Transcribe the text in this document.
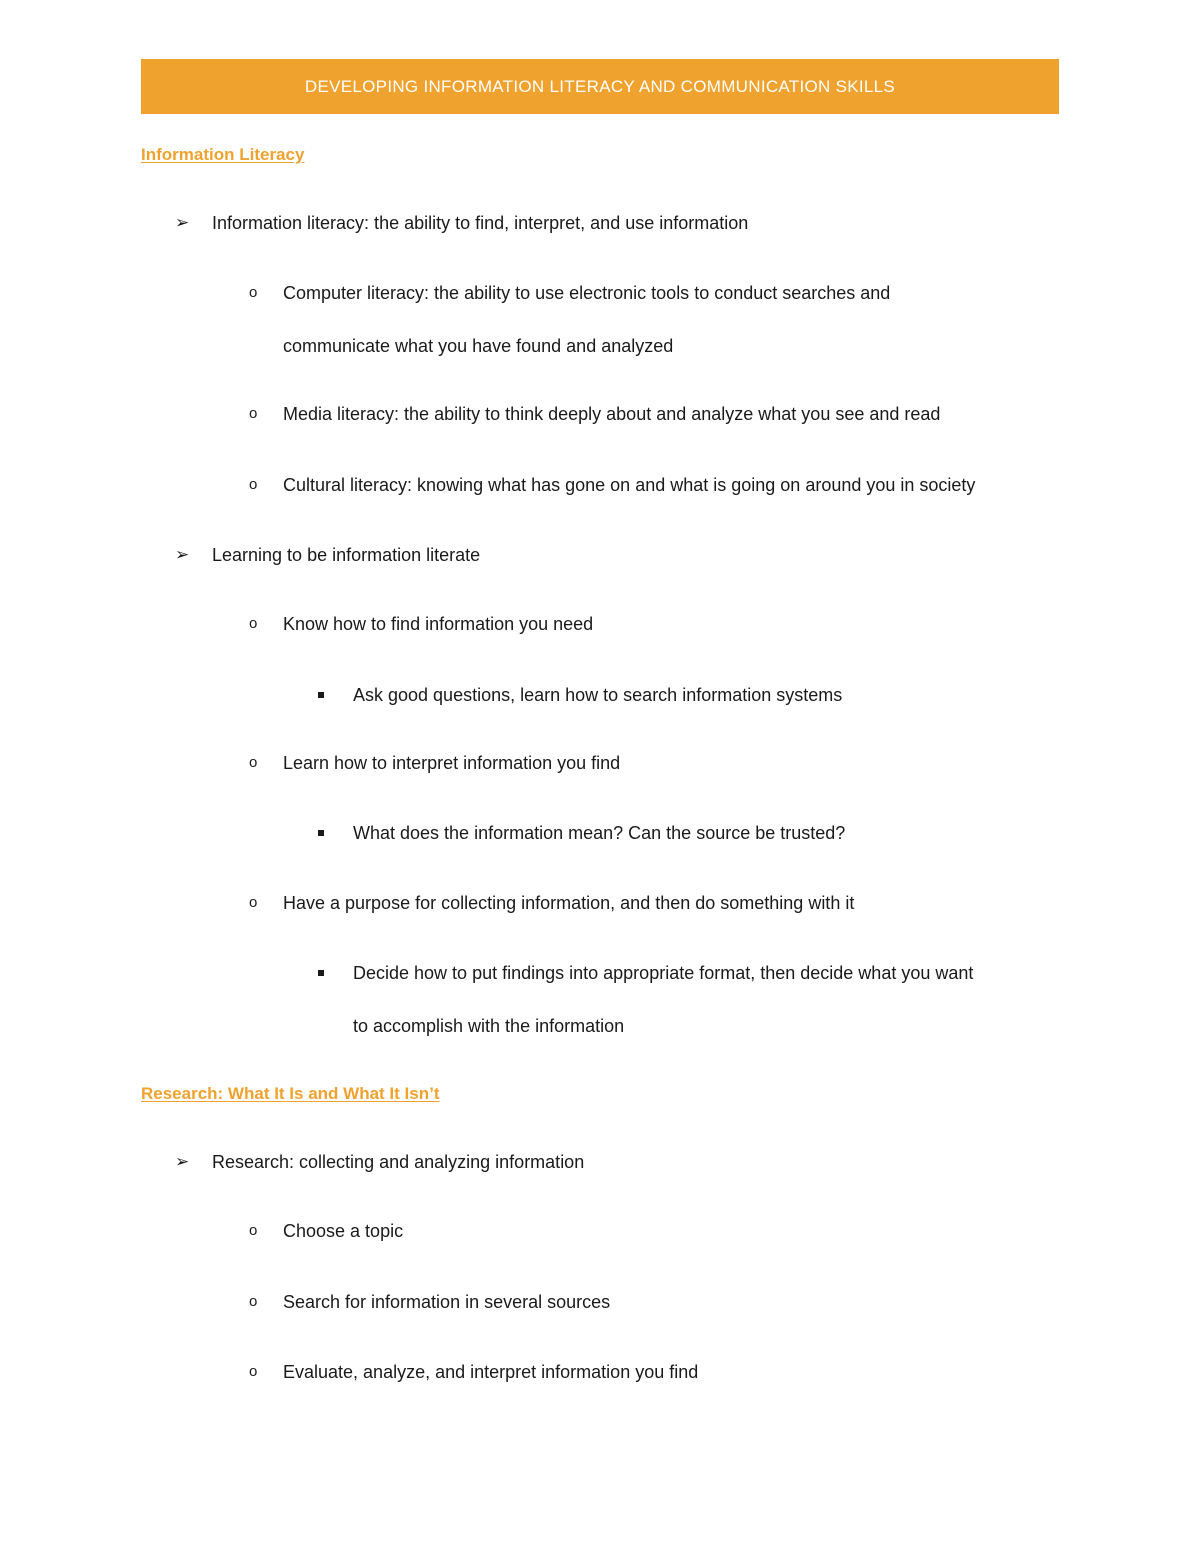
DEVELOPING INFORMATION LITERACY AND COMMUNICATION SKILLS
Information Literacy
➢ Information literacy: the ability to find, interpret, and use information
o Computer literacy: the ability to use electronic tools to conduct searches and
communicate what you have found and analyzed
o Media literacy: the ability to think deeply about and analyze what you see and read
o Cultural literacy: knowing what has gone on and what is going on around you in society
➢ Learning to be information literate
o Know how to find information you need
Ask good questions, learn how to search information systems
o Learn how to interpret information you find
What does the information mean? Can the source be trusted?
o Have a purpose for collecting information, and then do something with it
Decide how to put findings into appropriate format, then decide what you want
to accomplish with the information
Research: What It Is and What It Isn’t
➢ Research: collecting and analyzing information
o Choose a topic
o Search for information in several sources
o Evaluate, analyze, and interpret information you find
